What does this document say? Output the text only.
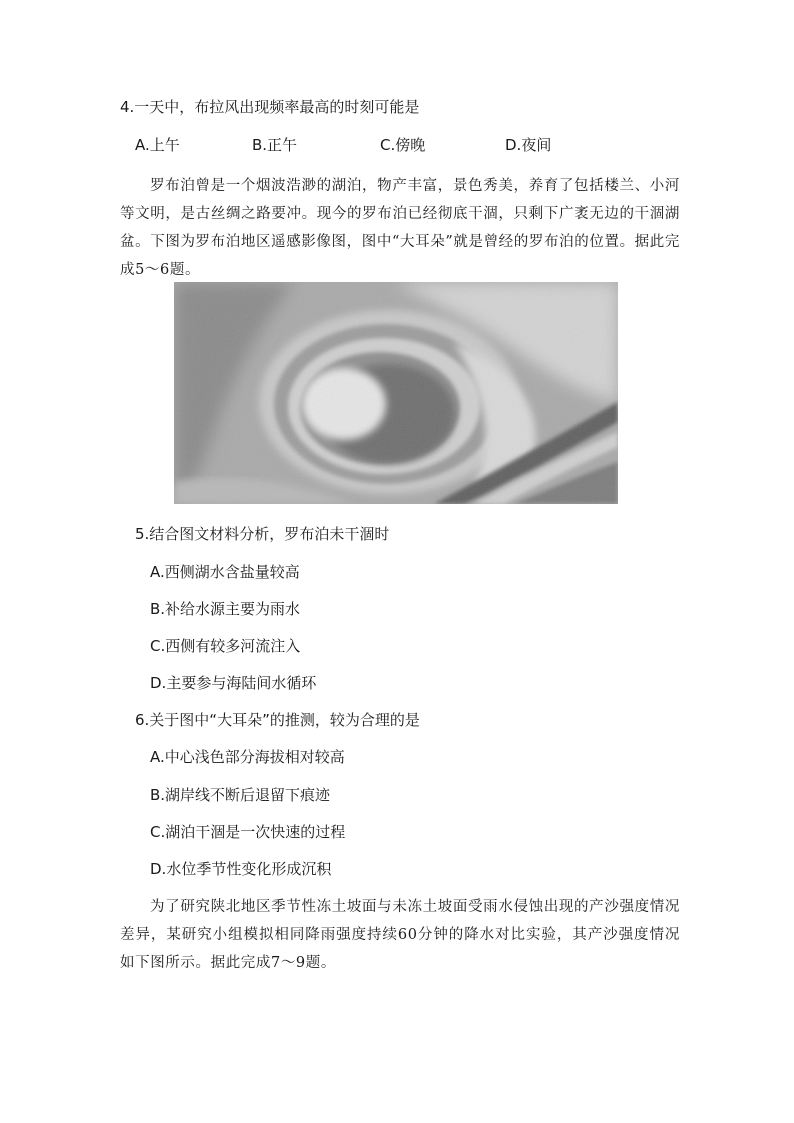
4.一天中，布拉风出现频率最高的时刻可能是
A.上午	B.正午	C.傍晚	D.夜间
罗布泊曾是一个烟波浩渺的湖泊，物产丰富，景色秀美，养育了包括楼兰、小河等文明，是古丝绸之路要冲。现今的罗布泊已经彻底干涸，只剩下广袤无边的干涸湖盆。下图为罗布泊地区遥感影像图，图中“大耳朵”就是曾经的罗布泊的位置。据此完成5～6题。
5.结合图文材料分析，罗布泊未干涸时
A.西侧湖水含盐量较高
B.补给水源主要为雨水
C.西侧有较多河流注入
D.主要参与海陆间水循环
6.关于图中“大耳朵”的推测，较为合理的是
A.中心浅色部分海拔相对较高
B.湖岸线不断后退留下痕迹
C.湖泊干涸是一次快速的过程
D.水位季节性变化形成沉积
为了研究陕北地区季节性冻土坡面与未冻土坡面受雨水侵蚀出现的产沙强度情况差异，某研究小组模拟相同降雨强度持续60分钟的降水对比实验，其产沙强度情况如下图所示。据此完成7～9题。
